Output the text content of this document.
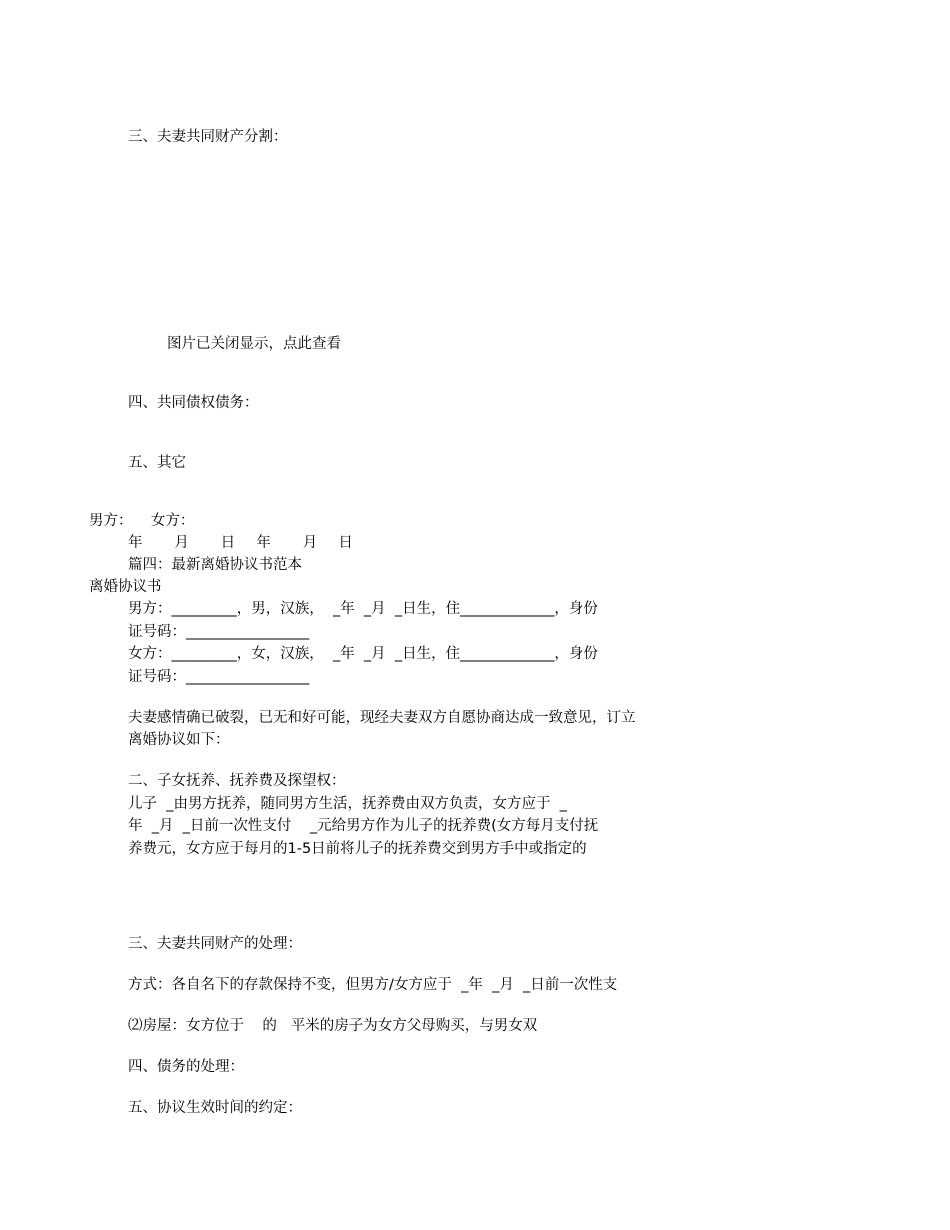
三、夫妻共同财产分割：
图片已关闭显示，点此查看
四、共同债权债务：
五、其它
男方：    女方：
年   月   日  年   月  日
篇四：最新离婚协议书范本
离婚协议书
男方：_________，男，汉族，  _年  _月  _日生，住_____________，身份
证号码：_________________
女方：_________，女，汉族，  _年  _月  _日生，住_____________，身份
证号码：_________________
夫妻感情确已破裂，已无和好可能，现经夫妻双方自愿协商达成一致意见，订立
离婚协议如下：
二、子女抚养、抚养费及探望权：
儿子  _由男方抚养，随同男方生活，抚养费由双方负责，女方应于  _
年  _月  _日前一次性支付    _元给男方作为儿子的抚养费(女方每月支付抚
养费元，女方应于每月的1-5日前将儿子的抚养费交到男方手中或指定的
三、夫妻共同财产的处理：
方式：各自名下的存款保持不变，但男方/女方应于  _年  _月  _日前一次性支
⑵房屋：女方位于    的   平米的房子为女方父母购买，与男女双
四、债务的处理：
五、协议生效时间的约定：
